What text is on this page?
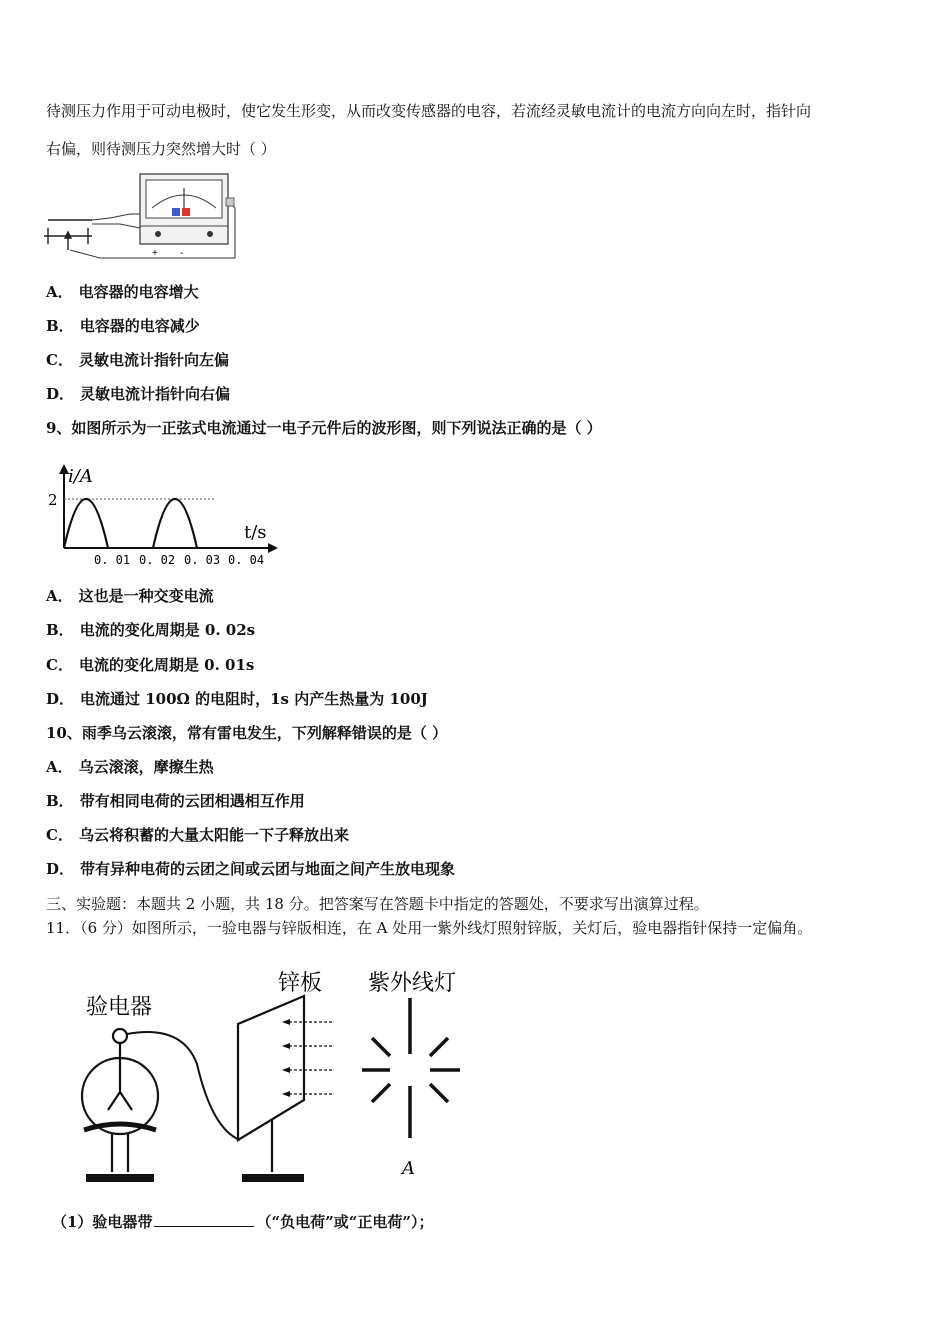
待测压力作用于可动电极时，使它发生形变，从而改变传感器的电容，若流经灵敏电流计的电流方向向左时，指针向
右偏，则待测压力突然增大时（ ）
+ -
A． 电容器的电容增大
B． 电容器的电容减少
C． 灵敏电流计指针向左偏
D． 灵敏电流计指针向右偏
9、如图所示为一正弦式电流通过一电子元件后的波形图，则下列说法正确的是（ ）
i/A
t/s
2
0. 01 0. 02 0. 03 0. 04
A． 这也是一种交变电流
B． 电流的变化周期是 0. 02s
C． 电流的变化周期是 0. 01s
D． 电流通过 100Ω 的电阻时，1s 内产生热量为 100J
10、雨季乌云滚滚，常有雷电发生，下列解释错误的是（ ）
A． 乌云滚滚，摩擦生热
B． 带有相同电荷的云团相遇相互作用
C． 乌云将积蓄的大量太阳能一下子释放出来
D． 带有异种电荷的云团之间或云团与地面之间产生放电现象
三、实验题：本题共 2 小题，共 18 分。把答案写在答题卡中指定的答题处，不要求写出演算过程。
11．（6 分）如图所示，一验电器与锌版相连，在 A 处用一紫外线灯照射锌版，关灯后，验电器指针保持一定偏角。
验电器
锌板 紫外线灯
A
（1）验电器带	（“负电荷”或“正电荷”）；
